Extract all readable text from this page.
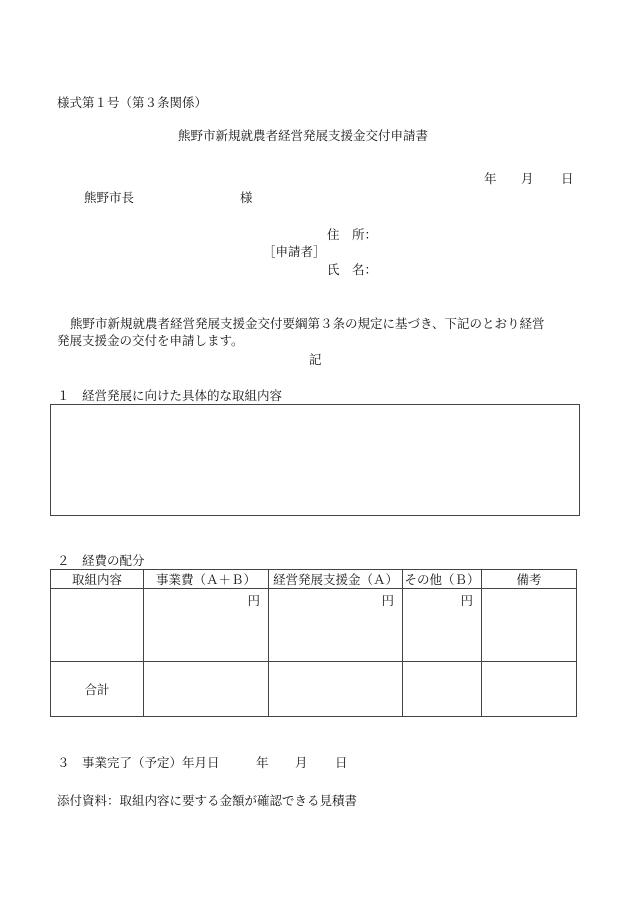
様式第１号（第３条関係）
熊野市新規就農者経営発展支援金交付申請書
年 月 日
熊野市長	様
住　所：
［申請者］
氏　名：
熊野市新規就農者経営発展支援金交付要綱第３条の規定に基づき、下記のとおり経営
発展支援金の交付を申請します。
記
１　経営発展に向けた具体的な取組内容
２　経費の配分
取組内容	事業費（Ａ＋Ｂ）	経営発展支援金（Ａ）	その他（Ｂ）	備考
	円	円	円	
合計				
３　事業完了（予定）年月日	年 月 日
添付資料：取組内容に要する金額が確認できる見積書
